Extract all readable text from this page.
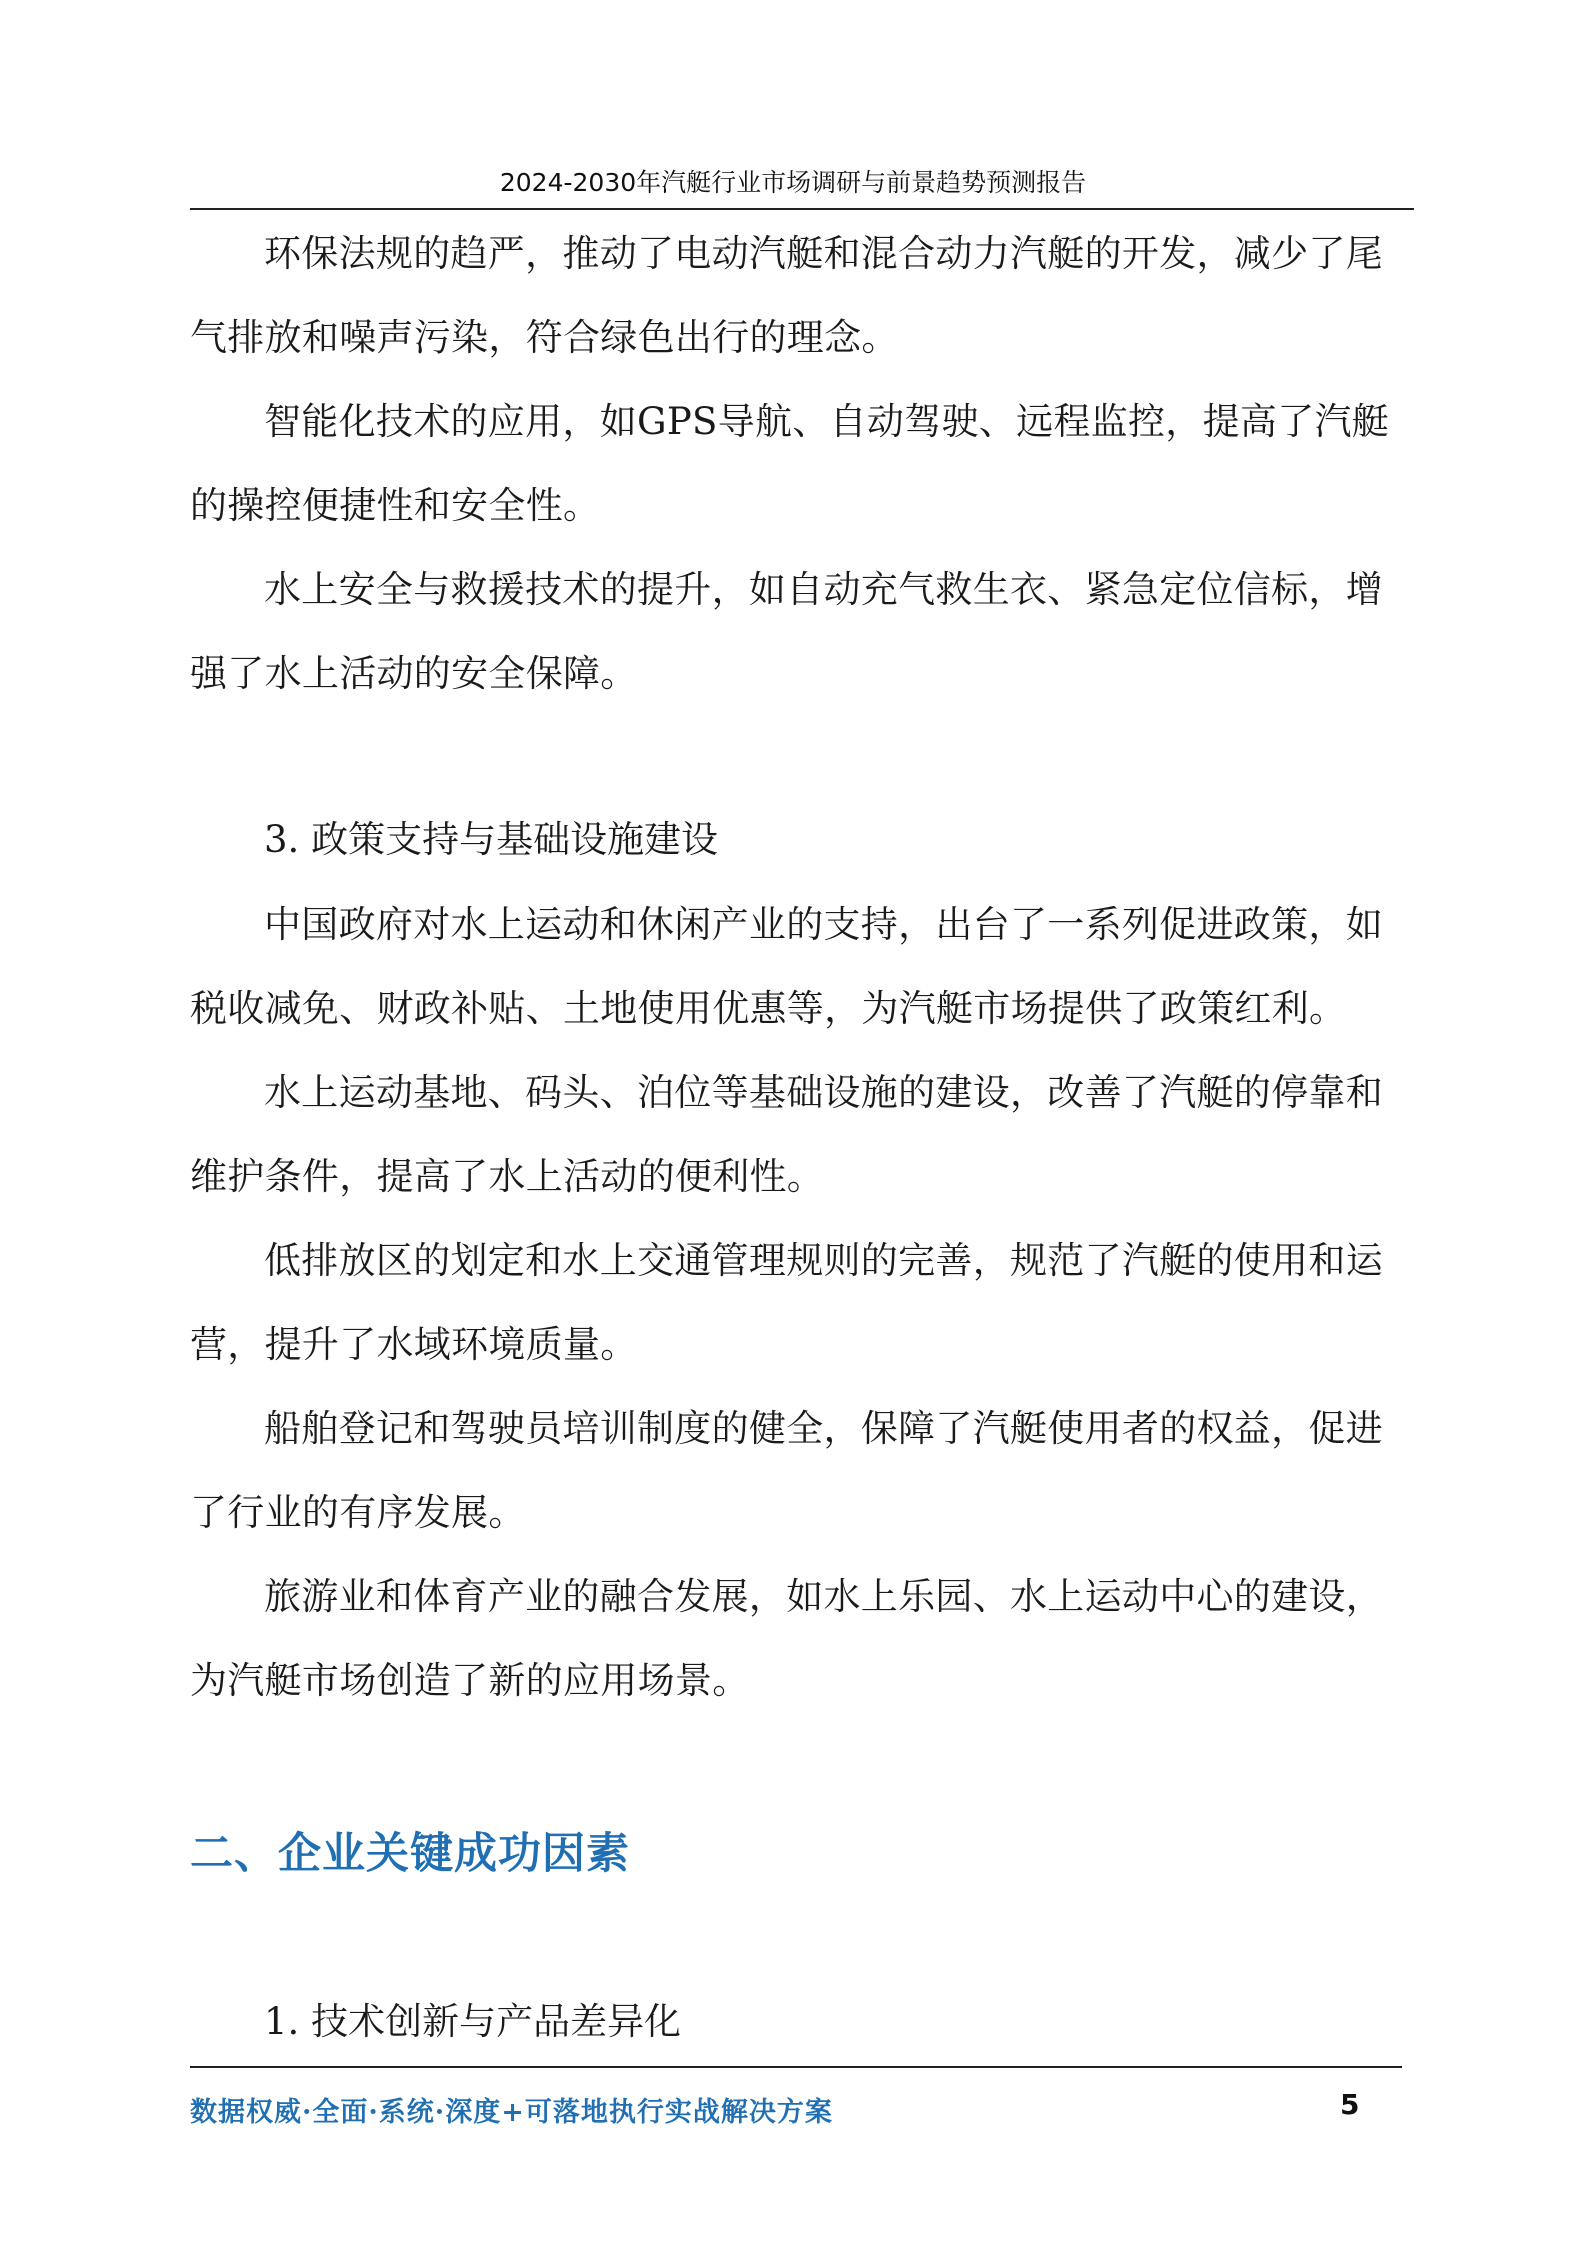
2024-2030年汽艇行业市场调研与前景趋势预测报告

环保法规的趋严，推动了电动汽艇和混合动力汽艇的开发，减少了尾气排放和噪声污染，符合绿色出行的理念。

智能化技术的应用，如GPS导航、自动驾驶、远程监控，提高了汽艇的操控便捷性和安全性。

水上安全与救援技术的提升，如自动充气救生衣、紧急定位信标，增强了水上活动的安全保障。

3. 政策支持与基础设施建设

中国政府对水上运动和休闲产业的支持，出台了一系列促进政策，如税收减免、财政补贴、土地使用优惠等，为汽艇市场提供了政策红利。

水上运动基地、码头、泊位等基础设施的建设，改善了汽艇的停靠和维护条件，提高了水上活动的便利性。

低排放区的划定和水上交通管理规则的完善，规范了汽艇的使用和运营，提升了水域环境质量。

船舶登记和驾驶员培训制度的健全，保障了汽艇使用者的权益，促进了行业的有序发展。

旅游业和体育产业的融合发展，如水上乐园、水上运动中心的建设，为汽艇市场创造了新的应用场景。

二、企业关键成功因素

1. 技术创新与产品差异化

数据权威·全面·系统·深度+可落地执行实战解决方案	5
